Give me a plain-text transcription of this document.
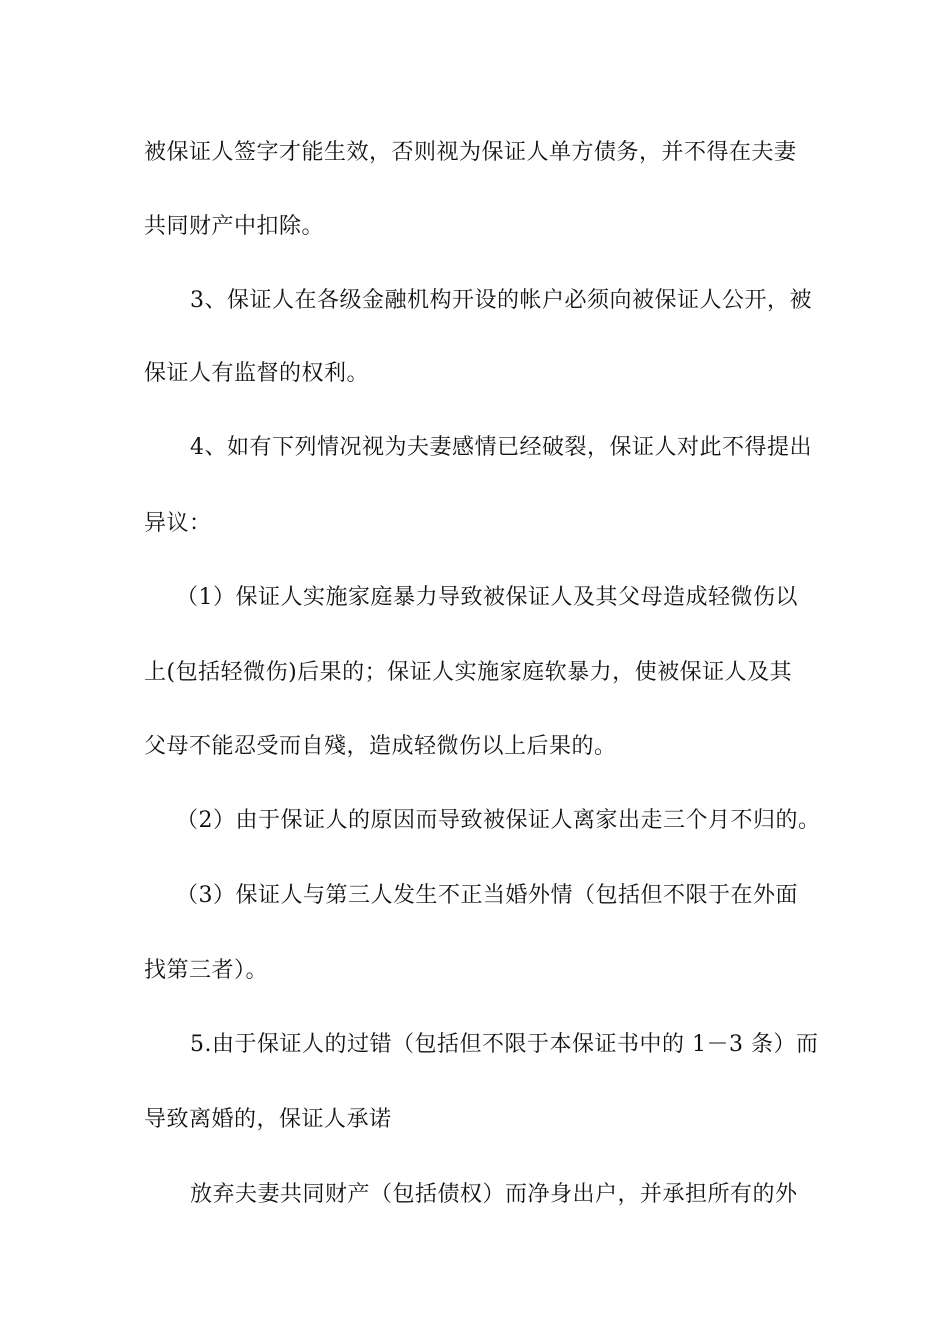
被保证人签字才能生效，否则视为保证人单方债务，并不得在夫妻
共同财产中扣除。
3、保证人在各级金融机构开设的帐户必须向被保证人公开，被
保证人有监督的权利。
4、如有下列情况视为夫妻感情已经破裂，保证人对此不得提出
异议：
（1）保证人实施家庭暴力导致被保证人及其父母造成轻微伤以
上(包括轻微伤)后果的；保证人实施家庭软暴力，使被保证人及其
父母不能忍受而自殘，造成轻微伤以上后果的。
（2）由于保证人的原因而导致被保证人离家出走三个月不归的。
（3）保证人与第三人发生不正当婚外情（包括但不限于在外面
找第三者）。
5.由于保证人的过错（包括但不限于本保证书中的 1－3 条）而
导致离婚的，保证人承诺
放弃夫妻共同财产（包括债权）而净身出户，并承担所有的外
